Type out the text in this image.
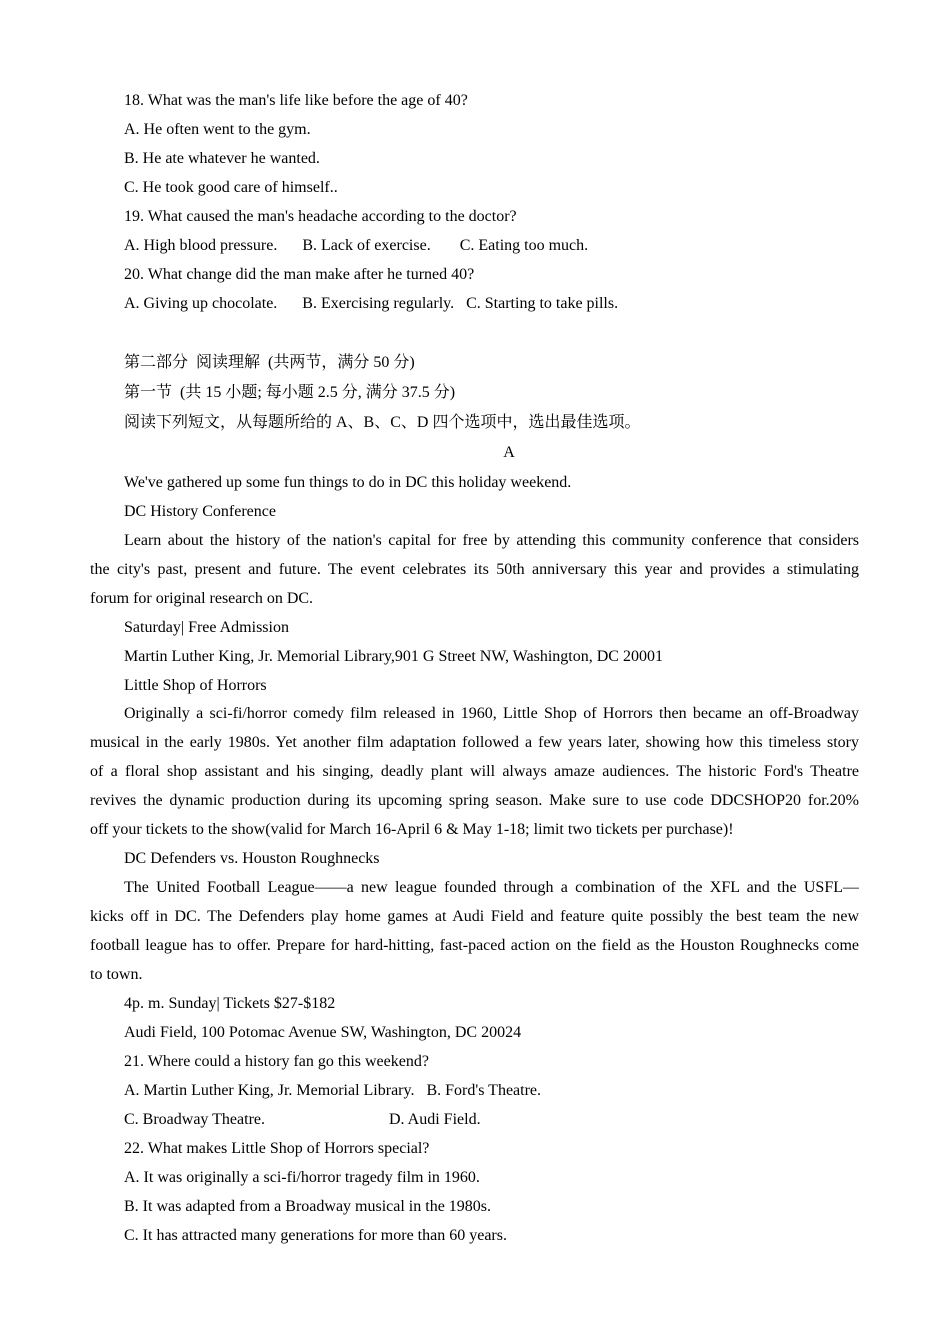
18. What was the man's life like before the age of 40?
A. He often went to the gym.
B. He ate whatever he wanted.
C. He took good care of himself..
19. What caused the man's headache according to the doctor?
A. High blood pressure. B. Lack of exercise. C. Eating too much.
20. What change did the man make after he turned 40?
A. Giving up chocolate. B. Exercising regularly. C. Starting to take pills.
第二部分  阅读理解  (共两节，满分 50 分)
第一节  (共 15 小题; 每小题 2.5 分, 满分 37.5 分)
阅读下列短文，从每题所给的 A、B、C、D 四个选项中，选出最佳选项。
A
We've gathered up some fun things to do in DC this holiday weekend.
DC History Conference
Learn about the history of the nation's capital for free by attending this community conference that considers
the city's past, present and future. The event celebrates its 50th anniversary this year and provides a stimulating
forum for original research on DC.
Saturday| Free Admission
Martin Luther King, Jr. Memorial Library,901 G Street NW, Washington, DC 20001
Little Shop of Horrors
Originally a sci-fi/horror comedy film released in 1960, Little Shop of Horrors then became an off-Broadway
musical in the early 1980s. Yet another film adaptation followed a few years later, showing how this timeless story
of a floral shop assistant and his singing, deadly plant will always amaze audiences. The historic Ford's Theatre
revives the dynamic production during its upcoming spring season. Make sure to use code DDCSHOP20 for.20%
off your tickets to the show(valid for March 16-April 6 & May 1-18; limit two tickets per purchase)!
DC Defenders vs. Houston Roughnecks
The United Football League——a new league founded through a combination of the XFL and the USFL—
kicks off in DC. The Defenders play home games at Audi Field and feature quite possibly the best team the new
football league has to offer. Prepare for hard-hitting, fast-paced action on the field as the Houston Roughnecks come
to town.
4p. m. Sunday| Tickets $27-$182
Audi Field, 100 Potomac Avenue SW, Washington, DC 20024
21. Where could a history fan go this weekend?
A. Martin Luther King, Jr. Memorial Library. B. Ford's Theatre.
C. Broadway Theatre.	D. Audi Field.
22. What makes Little Shop of Horrors special?
A. It was originally a sci-fi/horror tragedy film in 1960.
B. It was adapted from a Broadway musical in the 1980s.
C. It has attracted many generations for more than 60 years.
